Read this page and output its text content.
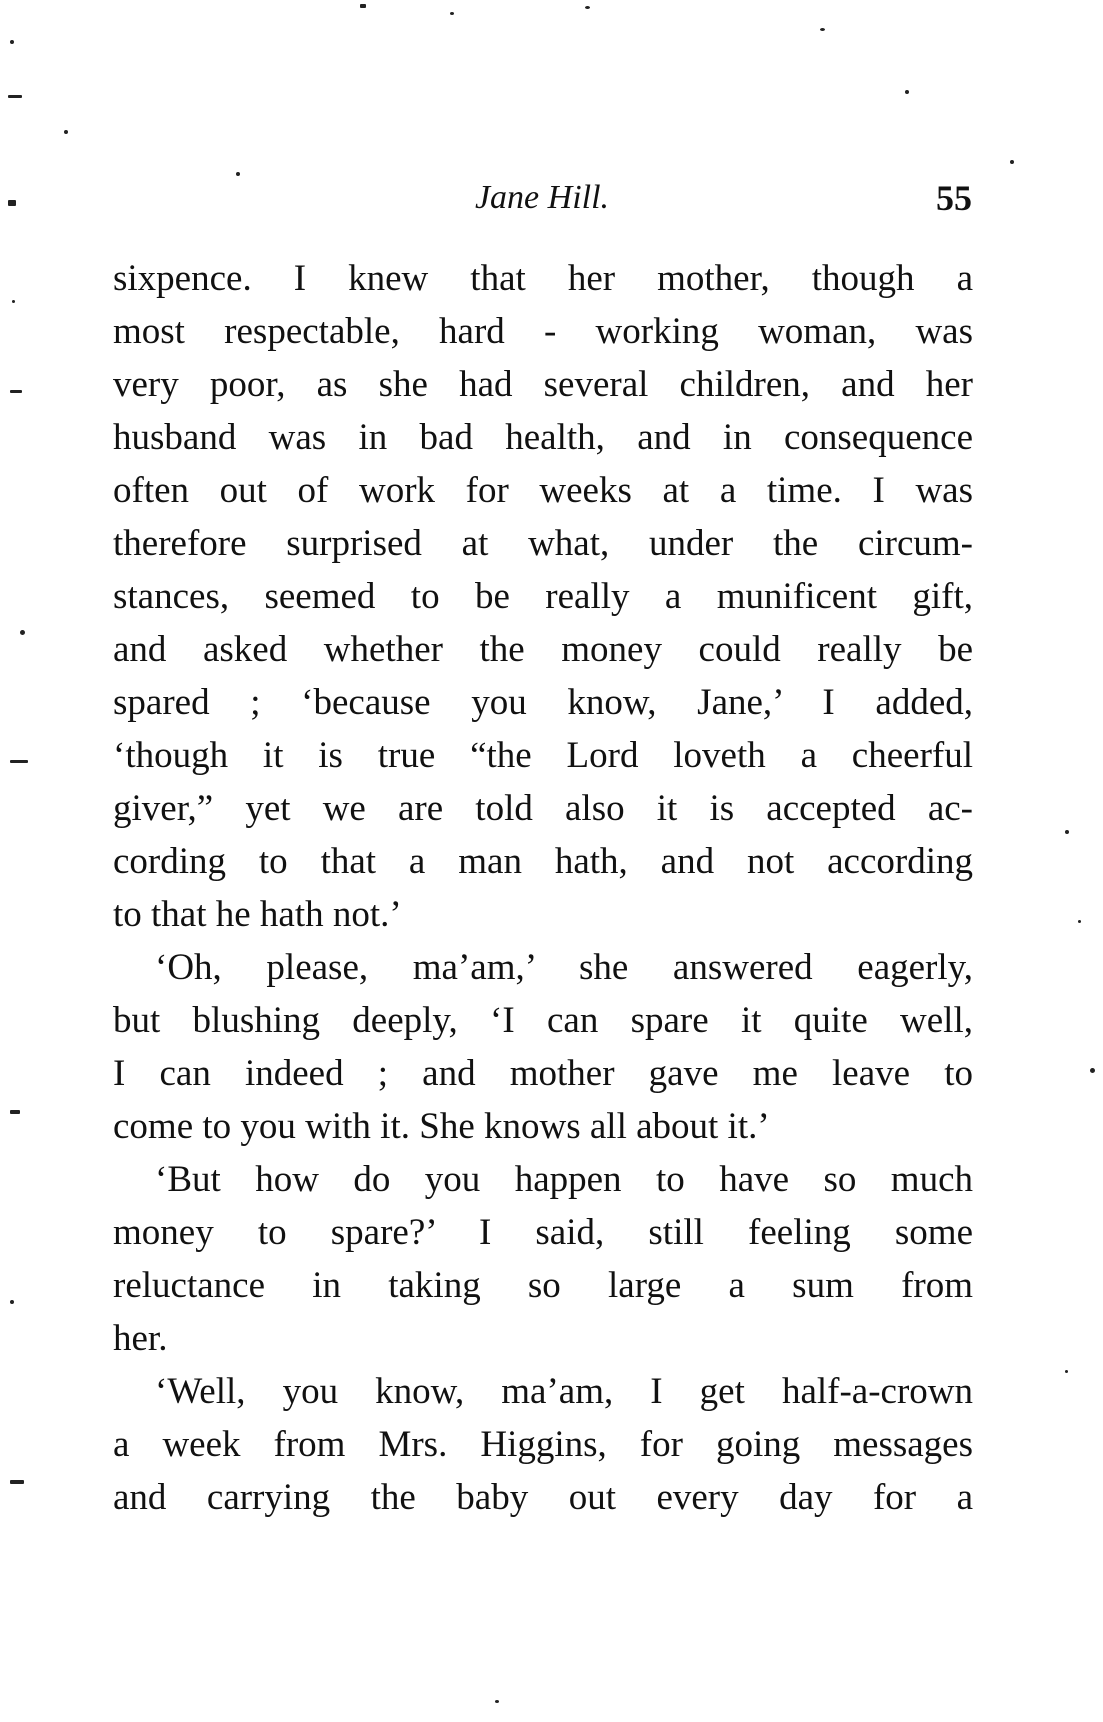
Jane Hill.	55
sixpence. I knew that her mother, though a
most respectable, hard - working woman, was
very poor, as she had several children, and her
husband was in bad health, and in consequence
often out of work for weeks at a time. I was
therefore surprised at what, under the circum-
stances, seemed to be really a munificent gift,
and asked whether the money could really be
spared ; ‘because you know, Jane,’ I added,
‘though it is true “the Lord loveth a cheerful
giver,” yet we are told also it is accepted ac-
cording to that a man hath, and not according
to that he hath not.’
‘Oh, please, ma’am,’ she answered eagerly,
but blushing deeply, ‘I can spare it quite well,
I can indeed ; and mother gave me leave to
come to you with it. She knows all about it.’
‘But how do you happen to have so much
money to spare?’ I said, still feeling some
reluctance in taking so large a sum from
her.
‘Well, you know, ma’am, I get half-a-crown
a week from Mrs. Higgins, for going messages
and carrying the baby out every day for a
